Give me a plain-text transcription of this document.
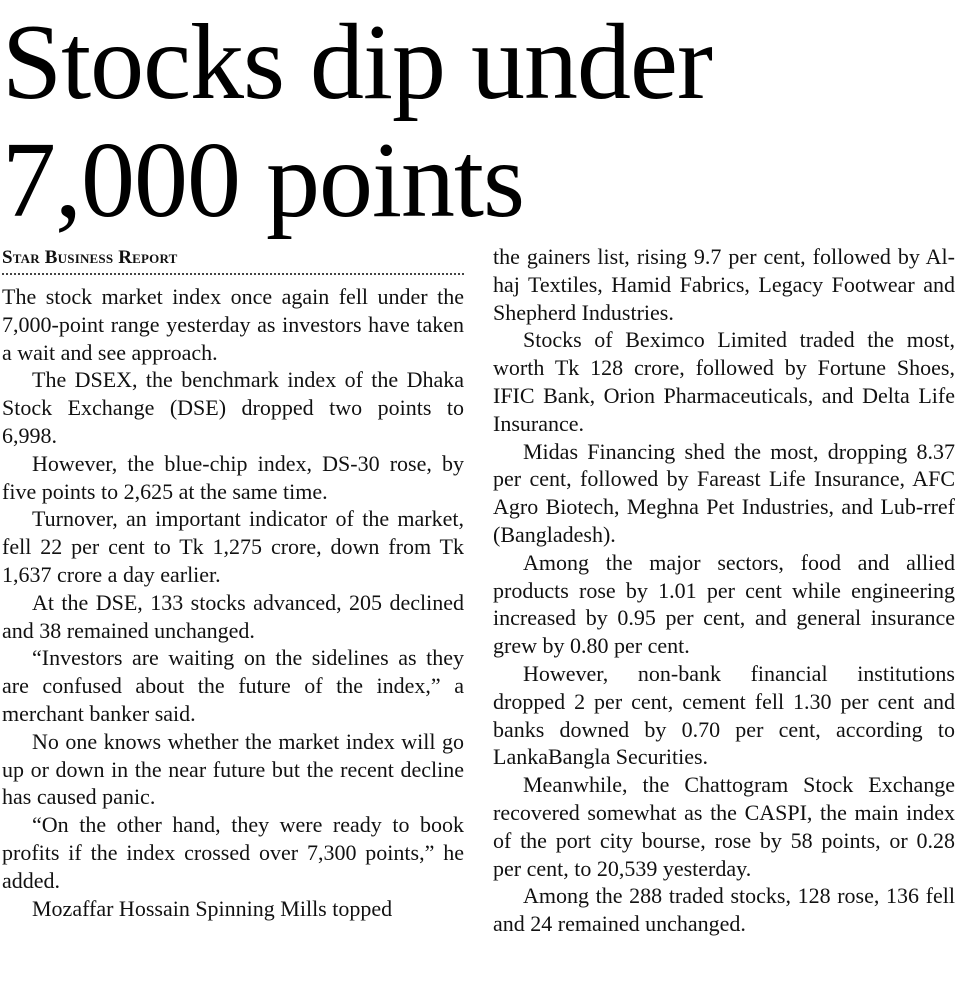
Stocks dip under 7,000 points
Star Business Report

The stock market index once again fell under the 7,000-point range yesterday as investors have taken a wait and see approach.

The DSEX, the benchmark index of the Dhaka Stock Exchange (DSE) dropped two points to 6,998.

However, the blue-chip index, DS-30 rose, by five points to 2,625 at the same time.

Turnover, an important indicator of the market, fell 22 per cent to Tk 1,275 crore, down from Tk 1,637 crore a day earlier.

At the DSE, 133 stocks advanced, 205 declined and 38 remained unchanged.

“Investors are waiting on the sidelines as they are confused about the future of the index,” a merchant banker said.

No one knows whether the market index will go up or down in the near future but the recent decline has caused panic.

“On the other hand, they were ready to book profits if the index crossed over 7,300 points,” he added.

Mozaffar Hossain Spinning Mills topped

the gainers list, rising 9.7 per cent, followed by Al-haj Textiles, Hamid Fabrics, Legacy Footwear and Shepherd Industries.

Stocks of Beximco Limited traded the most, worth Tk 128 crore, followed by Fortune Shoes, IFIC Bank, Orion Pharmaceuticals, and Delta Life Insurance.

Midas Financing shed the most, dropping 8.37 per cent, followed by Fareast Life Insurance, AFC Agro Biotech, Meghna Pet Industries, and Lub-rref (Bangladesh).

Among the major sectors, food and allied products rose by 1.01 per cent while engineering increased by 0.95 per cent, and general insurance grew by 0.80 per cent.

However, non-bank financial institutions dropped 2 per cent, cement fell 1.30 per cent and banks downed by 0.70 per cent, according to LankaBangla Securities.

Meanwhile, the Chattogram Stock Exchange recovered somewhat as the CASPI, the main index of the port city bourse, rose by 58 points, or 0.28 per cent, to 20,539 yesterday.

Among the 288 traded stocks, 128 rose, 136 fell and 24 remained unchanged.
